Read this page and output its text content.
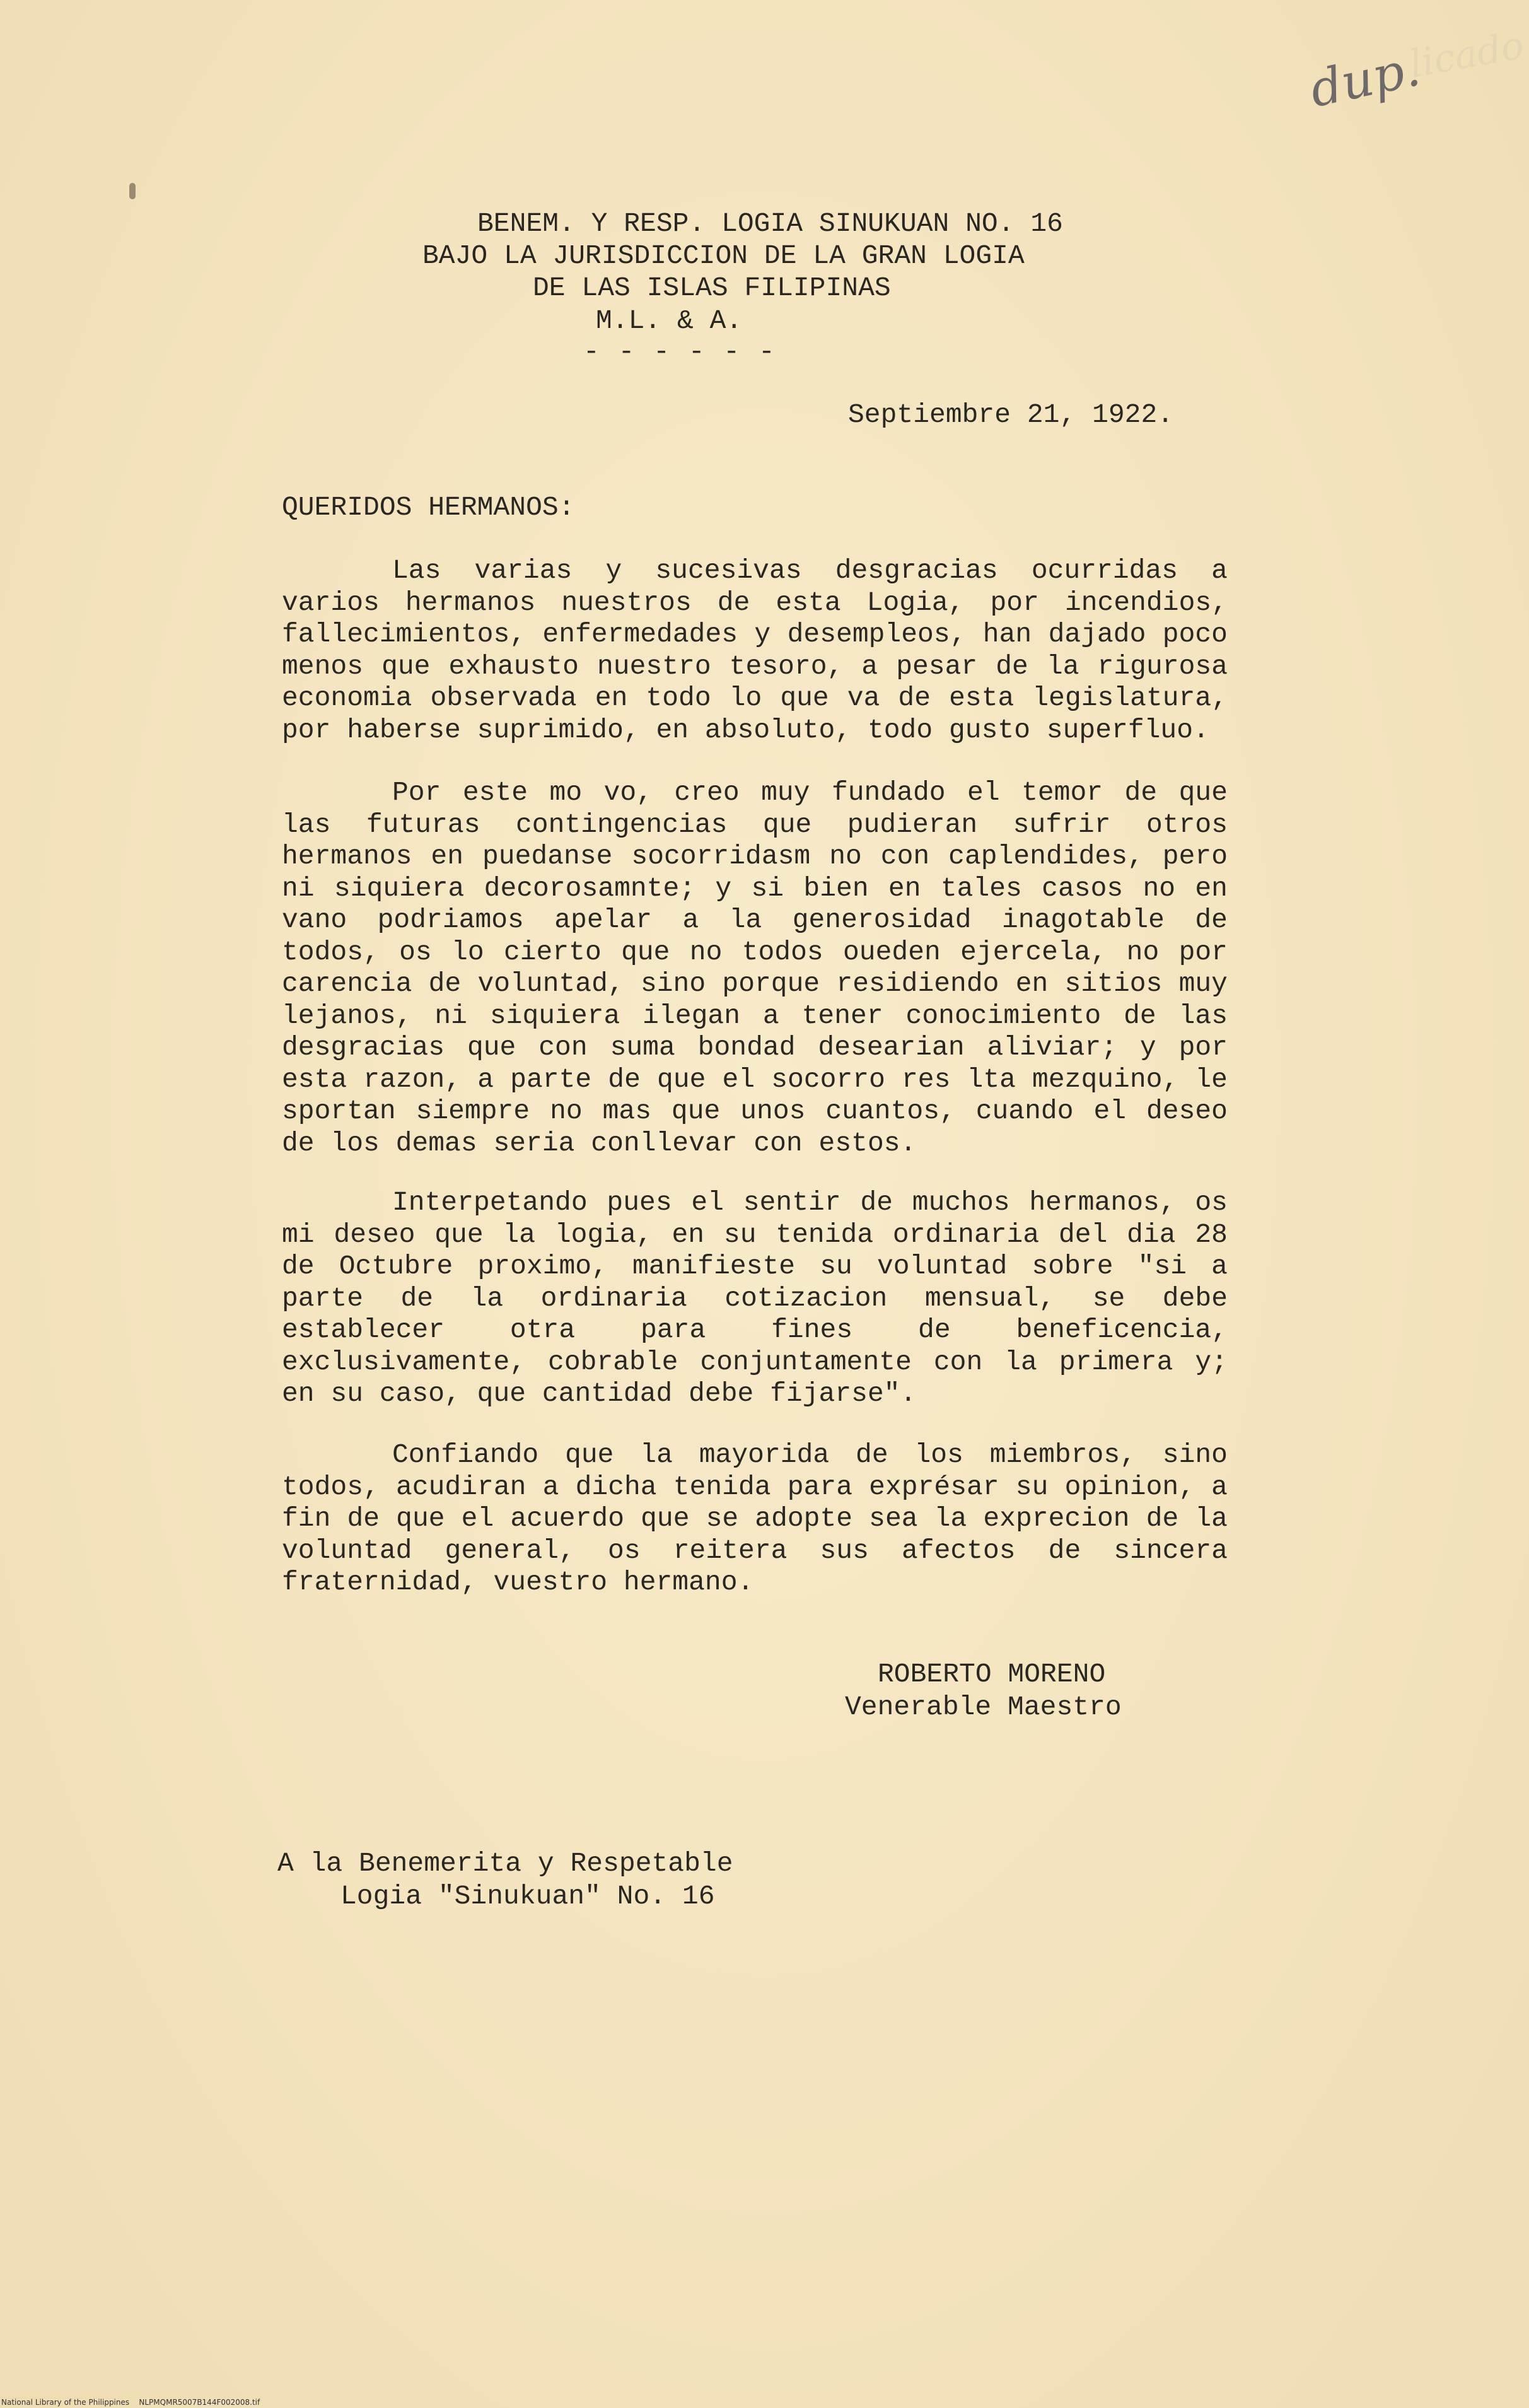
licado
dup.
BENEM. Y RESP. LOGIA SINUKUAN NO. 16
BAJO LA JURISDICCION DE LA GRAN LOGIA
DE LAS ISLAS FILIPINAS
M.L. & A.
- - - - - -
Septiembre 21, 1922.
QUERIDOS HERMANOS:

Las varias y sucesivas desgracias ocurridas a varios hermanos nuestros de esta Logia, por incendios, fallecimientos, enfermedades y desempleos, han dajado poco menos que exhausto nuestro tesoro, a pesar de la rigurosa economia observada en todo lo que va de esta legislatura, por haberse suprimido, en absoluto, todo gusto superfluo.

Por este mo vo, creo muy fundado el temor de que las futuras contingencias que pudieran sufrir otros hermanos en puedanse socorridasm no con caplendides, pero ni siquiera decorosamnte; y si bien en tales casos no en vano podriamos apelar a la generosidad inagotable de todos, os lo cierto que no todos oueden ejercela, no por carencia de voluntad, sino porque residiendo en sitios muy lejanos, ni siquiera ilegan a tener conocimiento de las desgracias que con suma bondad desearian aliviar; y por esta razon, a parte de que el socorro res lta mezquino, le sportan siempre no mas que unos cuantos, cuando el deseo de los demas seria conllevar con estos.

Interpetando pues el sentir de muchos hermanos, os mi deseo que la logia, en su tenida ordinaria del dia 28 de Octubre proximo, manifieste su voluntad sobre "si a parte de la ordinaria cotizacion mensual, se debe establecer otra para fines de beneficencia, exclusivamente, cobrable conjuntamente con la primera y; en su caso, que cantidad debe fijarse".

Confiando que la mayorida de los miembros, sino todos, acudiran a dicha tenida para exprésar su opinion, a fin de que el acuerdo que se adopte sea la exprecion de la voluntad general, os reitera sus afectos de sincera fraternidad, vuestro hermano.

ROBERTO MORENO
Venerable Maestro
A la Benemerita y Respetable
Logia "Sinukuan" No. 16
National Library of the Philippines    NLPMQMR5007B144F002008.tif
